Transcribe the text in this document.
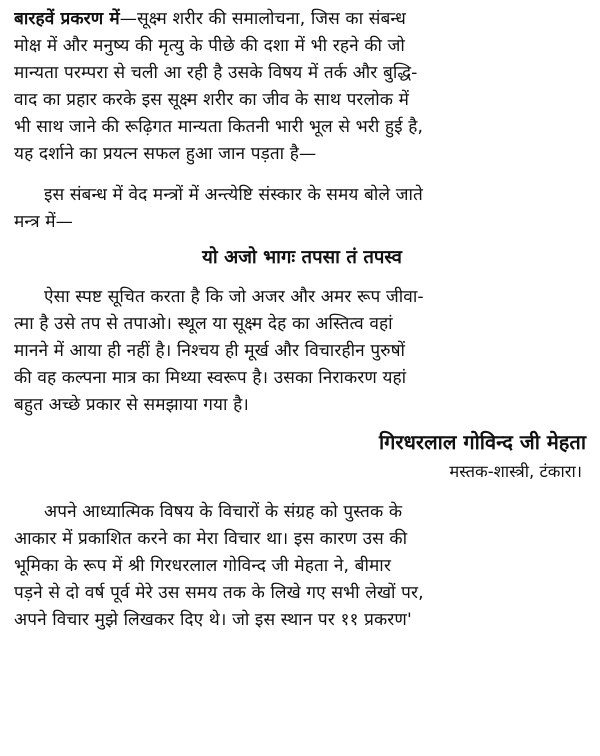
बारहवें प्रकरण में—सूक्ष्म शरीर की समालोचना, जिस का संबन्ध
मोक्ष में और मनुष्य की मृत्यु के पीछे की दशा में भी रहने की जो
मान्यता परम्परा से चली आ रही है उसके विषय में तर्क और बुद्धि-
वाद का प्रहार करके इस सूक्ष्म शरीर का जीव के साथ परलोक में
भी साथ जाने की रूढ़िगत मान्यता कितनी भारी भूल से भरी हुई है,
यह दर्शाने का प्रयत्न सफल हुआ जान पड़ता है—
इस संबन्ध में वेद मन्त्रों में अन्त्येष्टि संस्कार के समय बोले जाते
मन्त्र में—
यो अजो भागः तपसा तं तपस्व
ऐसा स्पष्ट सूचित करता है कि जो अजर और अमर रूप जीवा-
त्मा है उसे तप से तपाओ। स्थूल या सूक्ष्म देह का अस्तित्व वहां
मानने में आया ही नहीं है। निश्चय ही मूर्ख और विचारहीन पुरुषों
की वह कल्पना मात्र का मिथ्या स्वरूप है। उसका निराकरण यहां
बहुत अच्छे प्रकार से समझाया गया है।
गिरधरलाल गोविन्द जी मेहता
मस्तक-शास्त्री, टंकारा।
अपने आध्यात्मिक विषय के विचारों के संग्रह को पुस्तक के
आकार में प्रकाशित करने का मेरा विचार था। इस कारण उस की
भूमिका के रूप में श्री गिरधरलाल गोविन्द जी मेहता ने, बीमार
पड़ने से दो वर्ष पूर्व मेरे उस समय तक के लिखे गए सभी लेखों पर,
अपने विचार मुझे लिखकर दिए थे। जो इस स्थान पर ११ प्रकरण'
